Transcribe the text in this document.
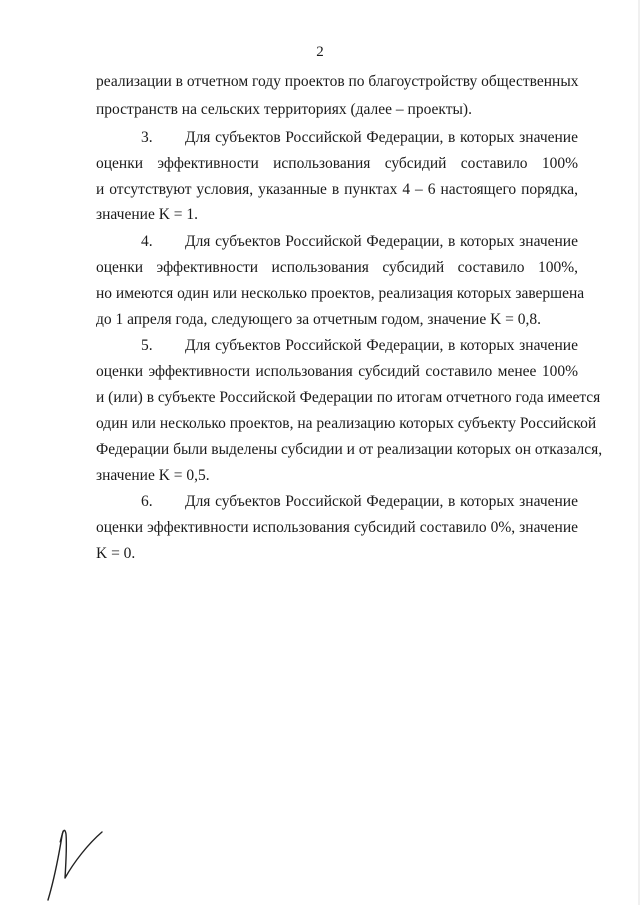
2
реализации в отчетном году проектов по благоустройству общественных
пространств на сельских территориях (далее – проекты).
3. Для субъектов Российской Федерации, в которых значение
оценки эффективности использования субсидий составило 100%
и отсутствуют условия, указанные в пунктах 4 – 6 настоящего порядка,
значение K = 1.
4. Для субъектов Российской Федерации, в которых значение
оценки эффективности использования субсидий составило 100%,
но имеются один или несколько проектов, реализация которых завершена
до 1 апреля года, следующего за отчетным годом, значение K = 0,8.
5. Для субъектов Российской Федерации, в которых значение
оценки эффективности использования субсидий составило менее 100%
и (или) в субъекте Российской Федерации по итогам отчетного года имеется
один или несколько проектов, на реализацию которых субъекту Российской
Федерации были выделены субсидии и от реализации которых он отказался,
значение K = 0,5.
6. Для субъектов Российской Федерации, в которых значение
оценки эффективности использования субсидий составило 0%, значение
K = 0.
